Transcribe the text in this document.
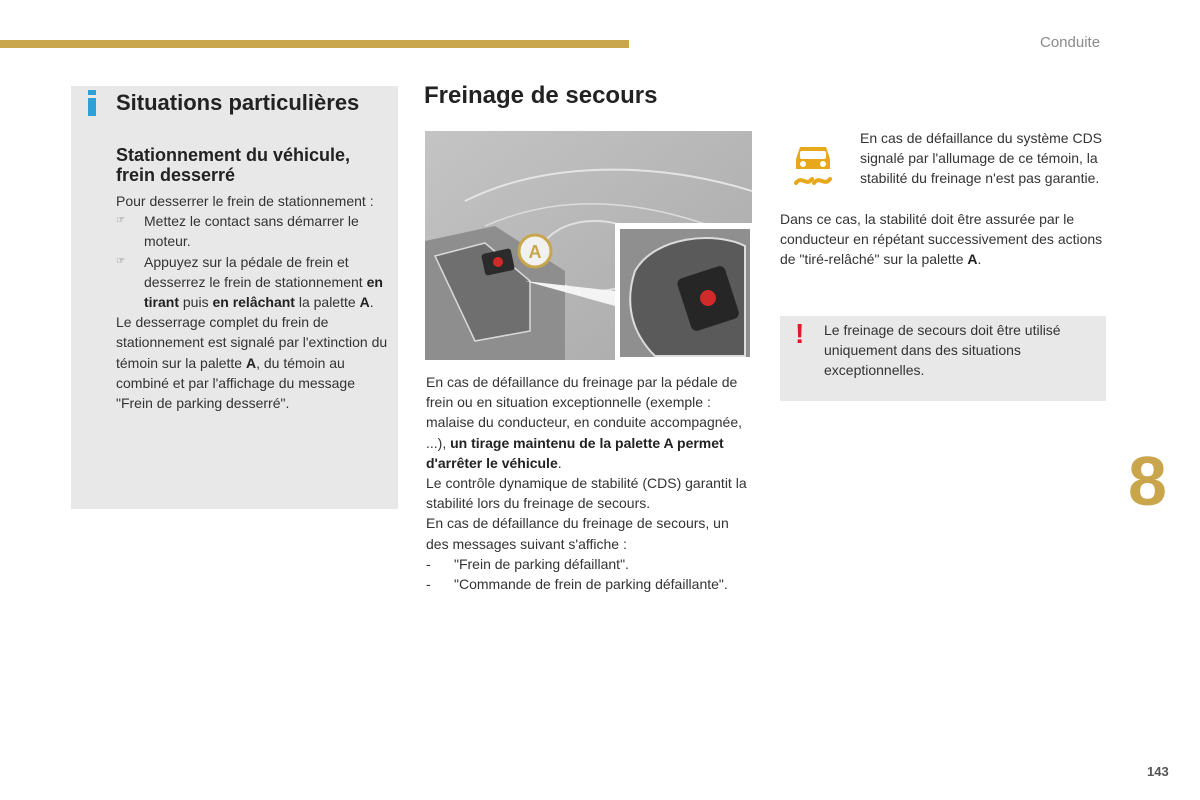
Conduite
Situations particulières
Stationnement du véhicule, frein desserré

Pour desserrer le frein de stationnement :

☞ Mettez le contact sans démarrer le moteur.

☞ Appuyez sur la pédale de frein et desserrez le frein de stationnement en tirant puis en relâchant la palette A.

Le desserrage complet du frein de stationnement est signalé par l'extinction du témoin sur la palette A, du témoin au combiné et par l'affichage du message "Frein de parking desserré".

Freinage de secours
A

En cas de défaillance du freinage par la pédale de frein ou en situation exceptionnelle (exemple : malaise du conducteur, en conduite accompagnée, ...), un tirage maintenu de la palette A permet d'arrêter le véhicule.

Le contrôle dynamique de stabilité (CDS) garantit la stabilité lors du freinage de secours.

En cas de défaillance du freinage de secours, un des messages suivant s'affiche :

- "Frein de parking défaillant".

- "Commande de frein de parking défaillante".

En cas de défaillance du système CDS signalé par l'allumage de ce témoin, la stabilité du freinage n'est pas garantie.

Dans ce cas, la stabilité doit être assurée par le conducteur en répétant successivement des actions de "tiré-relâché" sur la palette A.

! Le freinage de secours doit être utilisé uniquement dans des situations exceptionnelles.

8
143
